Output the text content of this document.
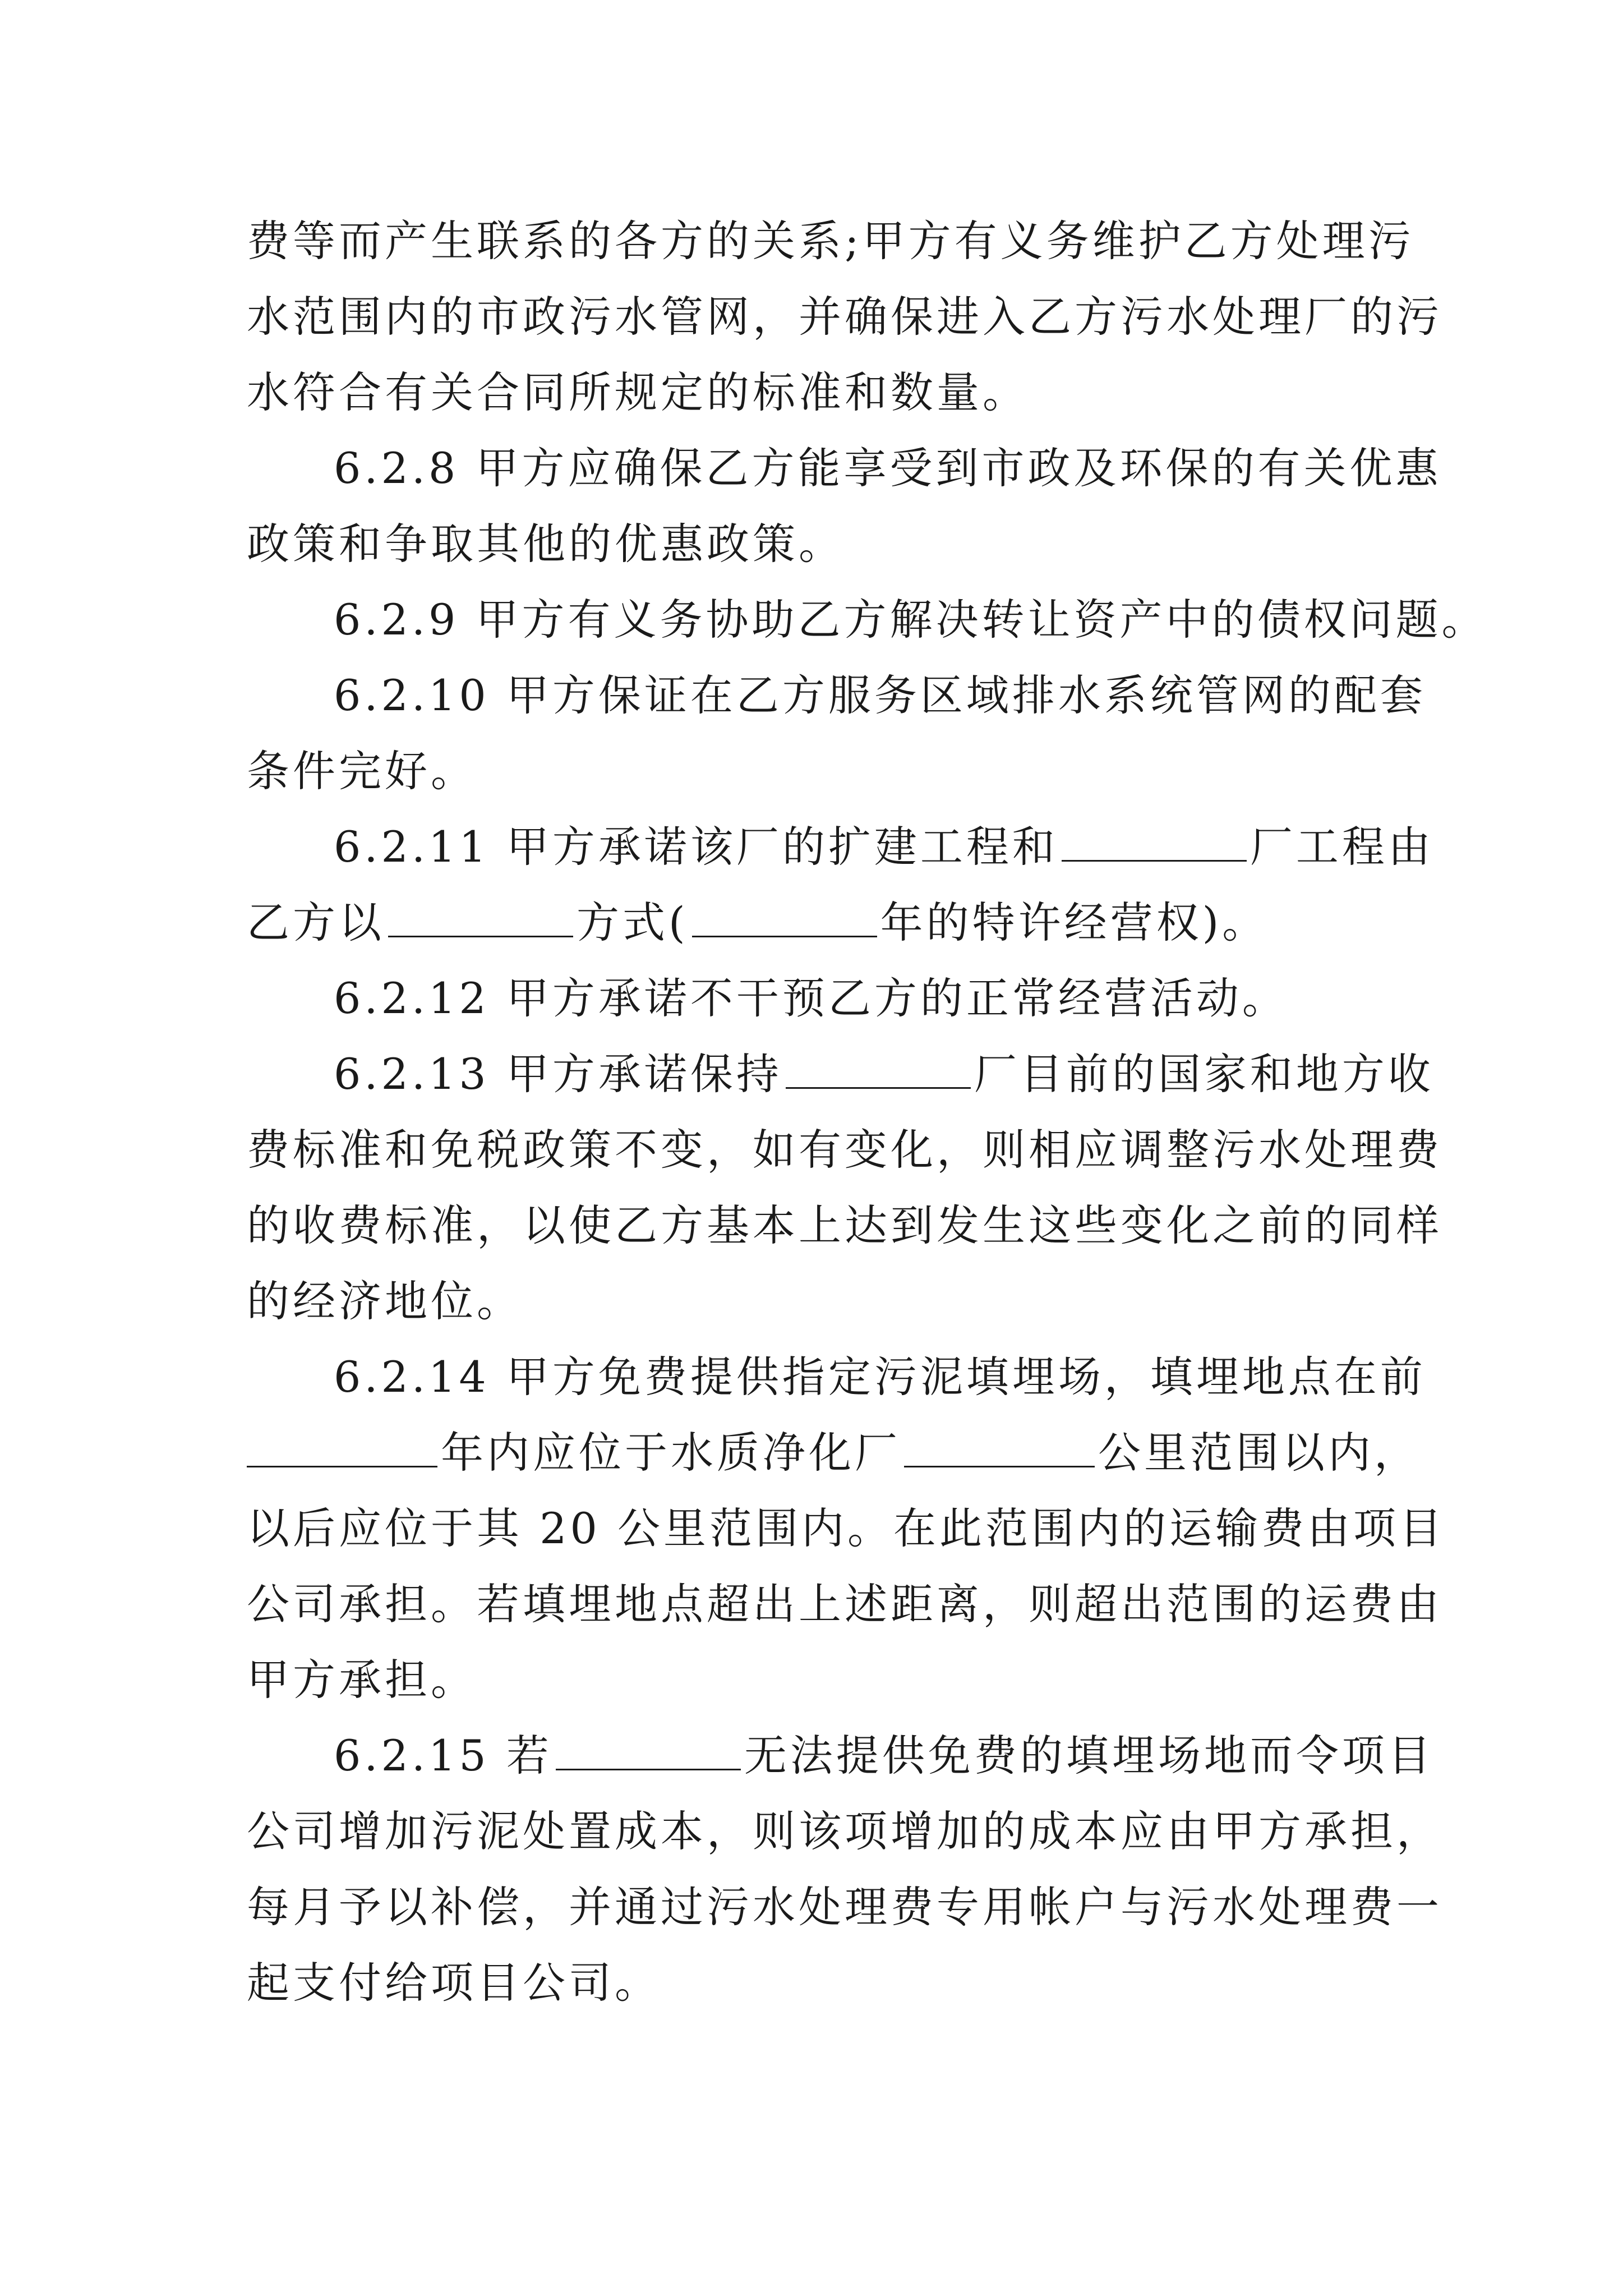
费等而产生联系的各方的关系;甲方有义务维护乙方处理污
水范围内的市政污水管网，并确保进入乙方污水处理厂的污
水符合有关合同所规定的标准和数量。
6.2.8 甲方应确保乙方能享受到市政及环保的有关优惠
政策和争取其他的优惠政策。
6.2.9 甲方有义务协助乙方解决转让资产中的债权问题。
6.2.10 甲方保证在乙方服务区域排水系统管网的配套
条件完好。
6.2.11 甲方承诺该厂的扩建工程和	厂工程由
乙方以	方式(	年的特许经营权)。
6.2.12 甲方承诺不干预乙方的正常经营活动。
6.2.13 甲方承诺保持	厂目前的国家和地方收
费标准和免税政策不变，如有变化，则相应调整污水处理费
的收费标准，以使乙方基本上达到发生这些变化之前的同样
的经济地位。
6.2.14 甲方免费提供指定污泥填埋场，填埋地点在前
年内应位于水质净化厂	公里范围以内，
以后应位于其 20 公里范围内。在此范围内的运输费由项目
公司承担。若填埋地点超出上述距离，则超出范围的运费由
甲方承担。
6.2.15 若	无法提供免费的填埋场地而令项目
公司增加污泥处置成本，则该项增加的成本应由甲方承担，
每月予以补偿，并通过污水处理费专用帐户与污水处理费一
起支付给项目公司。
